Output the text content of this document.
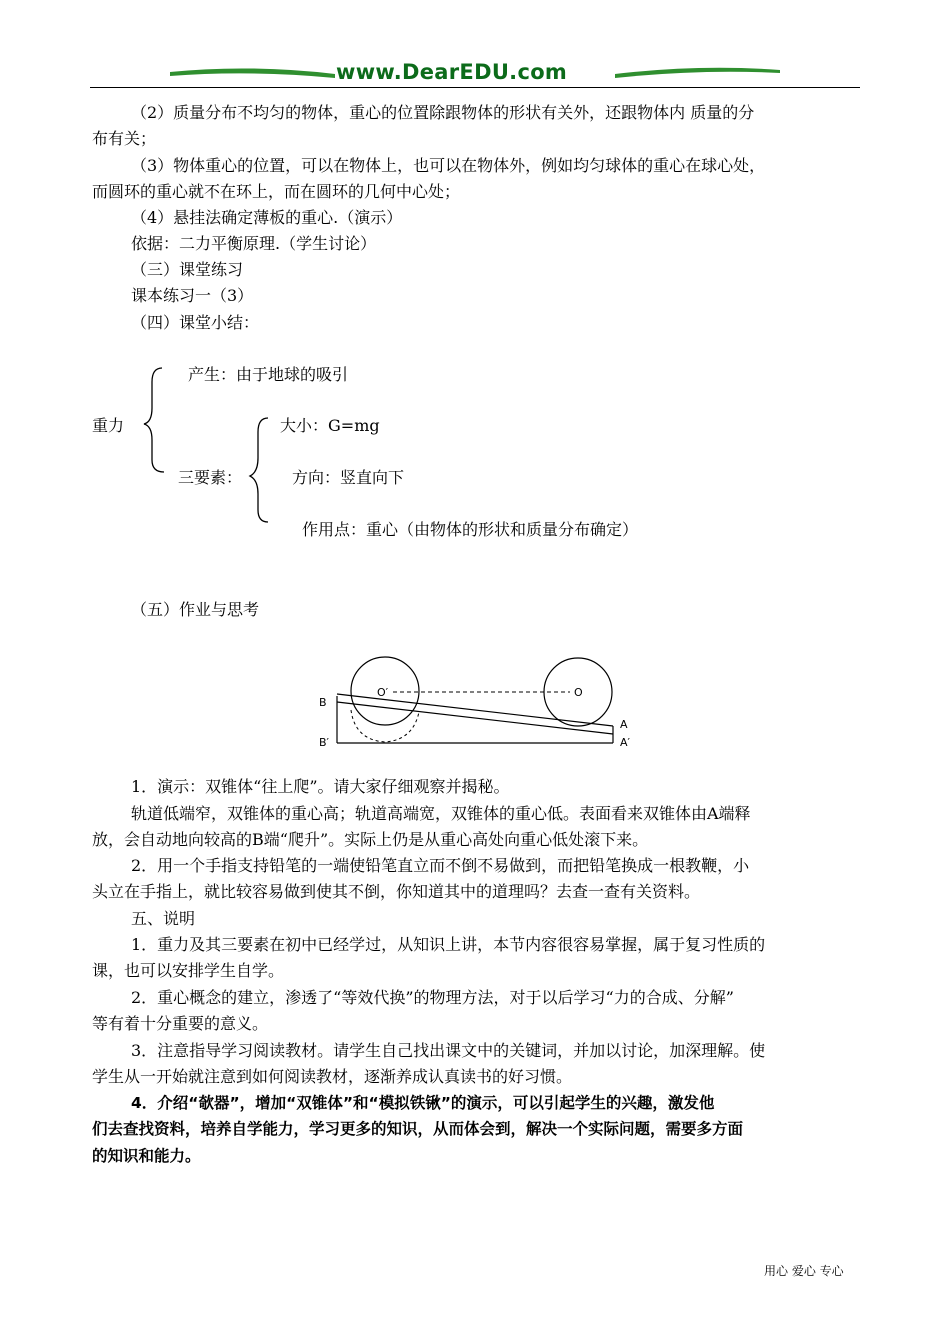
www.DearEDU.com
（2）质量分布不均匀的物体，重心的位置除跟物体的形状有关外，还跟物体内 质量的分
布有关；
（3）物体重心的位置，可以在物体上，也可以在物体外，例如均匀球体的重心在球心处，
而圆环的重心就不在环上，而在圆环的几何中心处；
（4）悬挂法确定薄板的重心.（演示）
依据：二力平衡原理.（学生讨论）
（三）课堂练习
课本练习一（3）
（四）课堂小结：
重力
产生：由于地球的吸引
三要素：
大小：G=mg
方向：竖直向下
作用点：重心（由物体的形状和质量分布确定）
（五）作业与思考
B
B′
A
A′
O′	O
1．演示：双锥体“往上爬”。请大家仔细观察并揭秘。
轨道低端窄，双锥体的重心高；轨道高端宽，双锥体的重心低。表面看来双锥体由A端释
放，会自动地向较高的B端“爬升”。实际上仍是从重心高处向重心低处滚下来。
2．用一个手指支持铅笔的一端使铅笔直立而不倒不易做到，而把铅笔换成一根教鞭，小
头立在手指上，就比较容易做到使其不倒，你知道其中的道理吗？去查一查有关资料。
五、说明
1．重力及其三要素在初中已经学过，从知识上讲，本节内容很容易掌握，属于复习性质的
课，也可以安排学生自学。
2．重心概念的建立，渗透了“等效代换”的物理方法，对于以后学习“力的合成、分解”
等有着十分重要的意义。
3．注意指导学习阅读教材。请学生自己找出课文中的关键词，并加以讨论，加深理解。使
学生从一开始就注意到如何阅读教材，逐渐养成认真读书的好习惯。
4．介绍“欹器”，增加“双锥体”和“模拟铁锹”的演示，可以引起学生的兴趣，激发他
们去查找资料，培养自学能力，学习更多的知识，从而体会到，解决一个实际问题，需要多方面
的知识和能力。
用心 爱心 专心
